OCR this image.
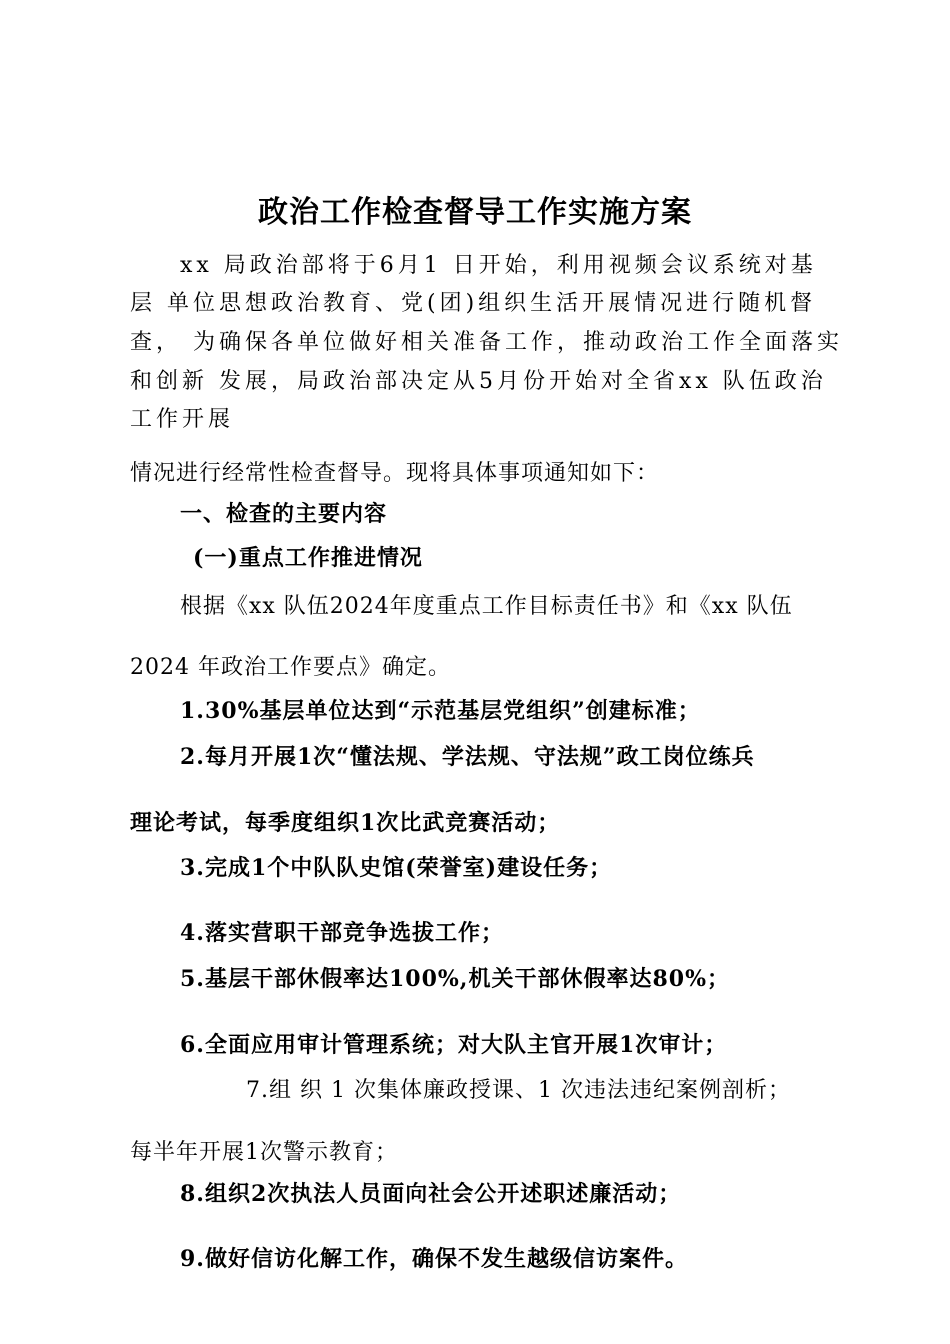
政治工作检查督导工作实施方案
xx 局政治部将于6月1 日开始，利用视频会议系统对基
层 单位思想政治教育、党(团)组织生活开展情况进行随机督
查， 为确保各单位做好相关准备工作，推动政治工作全面落实
和创新 发展，局政治部决定从5月份开始对全省xx 队伍政治
工作开展
情况进行经常性检查督导。现将具体事项通知如下：
一、检查的主要内容
(一)重点工作推进情况
根据《xx 队伍2024年度重点工作目标责任书》和《xx 队伍
2024 年政治工作要点》确定。
1.30%基层单位达到“示范基层党组织”创建标准；
2.每月开展1次“懂法规、学法规、守法规”政工岗位练兵
理论考试，每季度组织1次比武竞赛活动；
3.完成1个中队队史馆(荣誉室)建设任务；
4.落实营职干部竞争选拔工作；
5.基层干部休假率达100%,机关干部休假率达80%；
6.全面应用审计管理系统；对大队主官开展1次审计；
7.组 织 1 次集体廉政授课、1 次违法违纪案例剖析；
每半年开展1次警示教育；
8.组织2次执法人员面向社会公开述职述廉活动；
9.做好信访化解工作，确保不发生越级信访案件。
